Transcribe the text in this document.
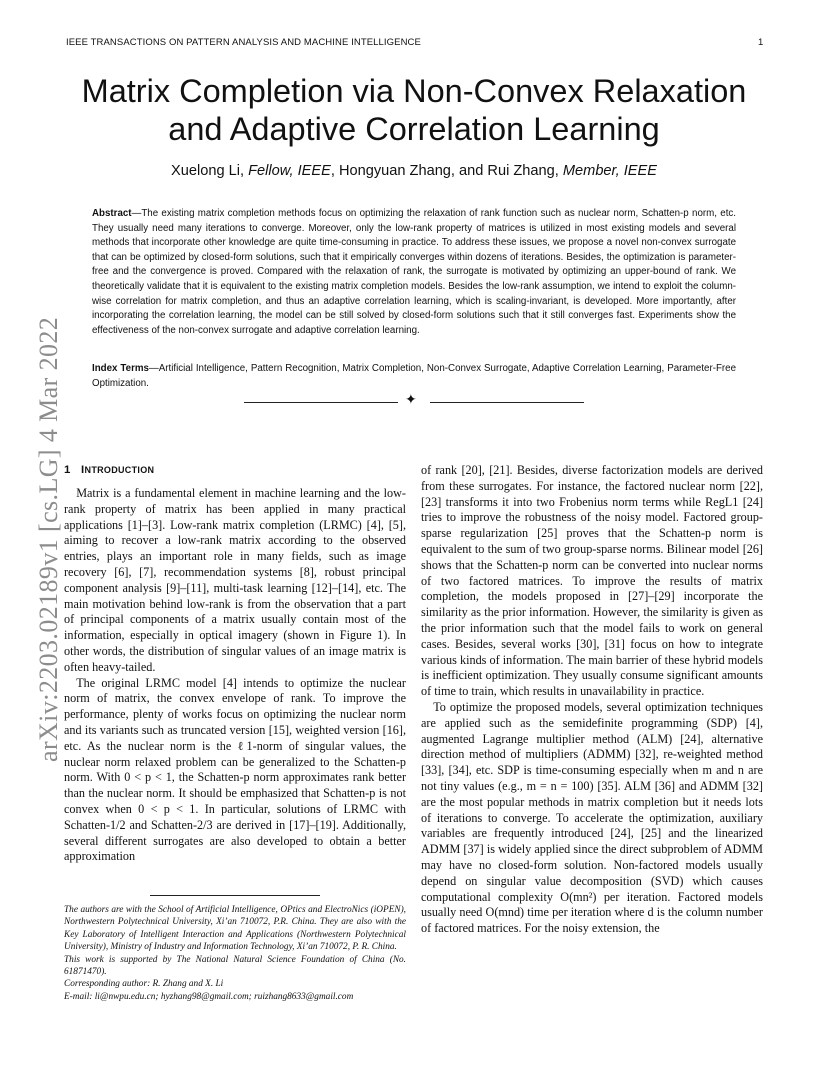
IEEE TRANSACTIONS ON PATTERN ANALYSIS AND MACHINE INTELLIGENCE	1
Matrix Completion via Non-Convex Relaxation and Adaptive Correlation Learning
Xuelong Li, Fellow, IEEE, Hongyuan Zhang, and Rui Zhang, Member, IEEE

Abstract—The existing matrix completion methods focus on optimizing the relaxation of rank function such as nuclear norm, Schatten-p norm, etc. They usually need many iterations to converge. Moreover, only the low-rank property of matrices is utilized in most existing models and several methods that incorporate other knowledge are quite time-consuming in practice. To address these issues, we propose a novel non-convex surrogate that can be optimized by closed-form solutions, such that it empirically converges within dozens of iterations. Besides, the optimization is parameter-free and the convergence is proved. Compared with the relaxation of rank, the surrogate is motivated by optimizing an upper-bound of rank. We theoretically validate that it is equivalent to the existing matrix completion models. Besides the low-rank assumption, we intend to exploit the column-wise correlation for matrix completion, and thus an adaptive correlation learning, which is scaling-invariant, is developed. More importantly, after incorporating the correlation learning, the model can be still solved by closed-form solutions such that it still converges fast. Experiments show the effectiveness of the non-convex surrogate and adaptive correlation learning.

Index Terms—Artificial Intelligence, Pattern Recognition, Matrix Completion, Non-Convex Surrogate, Adaptive Correlation Learning, Parameter-Free Optimization.

✦
arXiv:2203.02189v1 [cs.LG] 4 Mar 2022 1 INTRODUCTION

Matrix is a fundamental element in machine learning and the low-rank property of matrix has been applied in many practical applications [1]–[3]. Low-rank matrix completion (LRMC) [4], [5], aiming to recover a low-rank matrix according to the observed entries, plays an important role in many fields, such as image recovery [6], [7], recommendation systems [8], robust principal component analysis [9]–[11], multi-task learning [12]–[14], etc. The main motivation behind low-rank is from the observation that a part of principal components of a matrix usually contain most of the information, especially in optical imagery (shown in Figure 1). In other words, the distribution of singular values of an image matrix is often heavy-tailed.

The original LRMC model [4] intends to optimize the nuclear norm of matrix, the convex envelope of rank. To improve the performance, plenty of works focus on optimizing the nuclear norm and its variants such as truncated version [15], weighted version [16], etc. As the nuclear norm is the ℓ1-norm of singular values, the nuclear norm relaxed problem can be generalized to the Schatten-p norm. With 0 < p < 1, the Schatten-p norm approximates rank better than the nuclear norm. It should be emphasized that Schatten-p is not convex when 0 < p < 1. In particular, solutions of LRMC with Schatten-1/2 and Schatten-2/3 are derived in [17]–[19]. Additionally, several different surrogates are also developed to obtain a better approximation

The authors are with the School of Artificial Intelligence, OPtics and ElectroNics (iOPEN), Northwestern Polytechnical University, Xi’an 710072, P.R. China. They are also with the Key Laboratory of Intelligent Interaction and Applications (Northwestern Polytechnical University), Ministry of Industry and Information Technology, Xi’an 710072, P. R. China.

This work is supported by The National Natural Science Foundation of China (No. 61871470).

Corresponding author: R. Zhang and X. Li

E-mail: li@nwpu.edu.cn; hyzhang98@gmail.com; ruizhang8633@gmail.com

of rank [20], [21]. Besides, diverse factorization models are derived from these surrogates. For instance, the factored nuclear norm [22], [23] transforms it into two Frobenius norm terms while RegL1 [24] tries to improve the robustness of the noisy model. Factored group-sparse regularization [25] proves that the Schatten-p norm is equivalent to the sum of two group-sparse norms. Bilinear model [26] shows that the Schatten-p norm can be converted into nuclear norms of two factored matrices. To improve the results of matrix completion, the models proposed in [27]–[29] incorporate the similarity as the prior information. However, the similarity is given as the prior information such that the model fails to work on general cases. Besides, several works [30], [31] focus on how to integrate various kinds of information. The main barrier of these hybrid models is inefficient optimization. They usually consume significant amounts of time to train, which results in unavailability in practice.

To optimize the proposed models, several optimization techniques are applied such as the semidefinite programming (SDP) [4], augmented Lagrange multiplier method (ALM) [24], alternative direction method of multipliers (ADMM) [32], re-weighted method [33], [34], etc. SDP is time-consuming especially when m and n are not tiny values (e.g., m = n = 100) [35]. ALM [36] and ADMM [32] are the most popular methods in matrix completion but it needs lots of iterations to converge. To accelerate the optimization, auxiliary variables are frequently introduced [24], [25] and the linearized ADMM [37] is widely applied since the direct subproblem of ADMM may have no closed-form solution. Non-factored models usually depend on singular value decomposition (SVD) which causes computational complexity O(mn²) per iteration. Factored models usually need O(mnd) time per iteration where d is the column number of factored matrices. For the noisy extension, the
